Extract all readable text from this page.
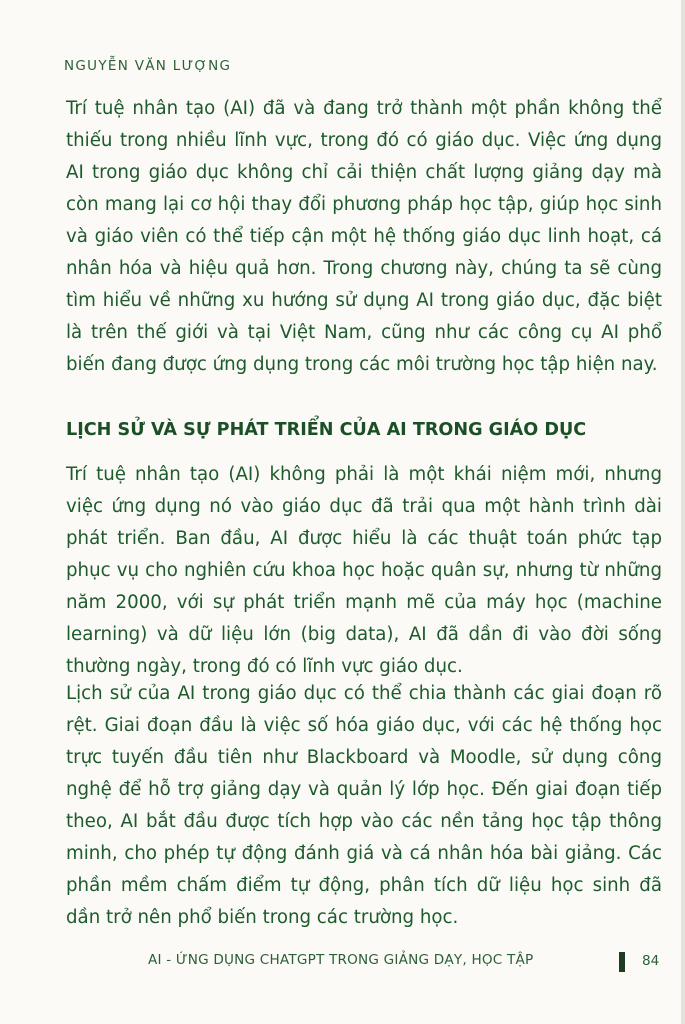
NGUYỄN VĂN LƯỢNG

Trí tuệ nhân tạo (AI) đã và đang trở thành một phần không thể thiếu trong nhiều lĩnh vực, trong đó có giáo dục. Việc ứng dụng AI trong giáo dục không chỉ cải thiện chất lượng giảng dạy mà còn mang lại cơ hội thay đổi phương pháp học tập, giúp học sinh và giáo viên có thể tiếp cận một hệ thống giáo dục linh hoạt, cá nhân hóa và hiệu quả hơn. Trong chương này, chúng ta sẽ cùng tìm hiểu về những xu hướng sử dụng AI trong giáo dục, đặc biệt là trên thế giới và tại Việt Nam, cũng như các công cụ AI phổ biến đang được ứng dụng trong các môi trường học tập hiện nay.

LỊCH SỬ VÀ SỰ PHÁT TRIỂN CỦA AI TRONG GIÁO DỤC

Trí tuệ nhân tạo (AI) không phải là một khái niệm mới, nhưng việc ứng dụng nó vào giáo dục đã trải qua một hành trình dài phát triển. Ban đầu, AI được hiểu là các thuật toán phức tạp phục vụ cho nghiên cứu khoa học hoặc quân sự, nhưng từ những năm 2000, với sự phát triển mạnh mẽ của máy học (machine learning) và dữ liệu lớn (big data), AI đã dần đi vào đời sống thường ngày, trong đó có lĩnh vực giáo dục.

Lịch sử của AI trong giáo dục có thể chia thành các giai đoạn rõ rệt. Giai đoạn đầu là việc số hóa giáo dục, với các hệ thống học trực tuyến đầu tiên như Blackboard và Moodle, sử dụng công nghệ để hỗ trợ giảng dạy và quản lý lớp học. Đến giai đoạn tiếp theo, AI bắt đầu được tích hợp vào các nền tảng học tập thông minh, cho phép tự động đánh giá và cá nhân hóa bài giảng. Các phần mềm chấm điểm tự động, phân tích dữ liệu học sinh đã dần trở nên phổ biến trong các trường học.

AI - ỨNG DỤNG CHATGPT TRONG GIẢNG DẠY, HỌC TẬP	84
